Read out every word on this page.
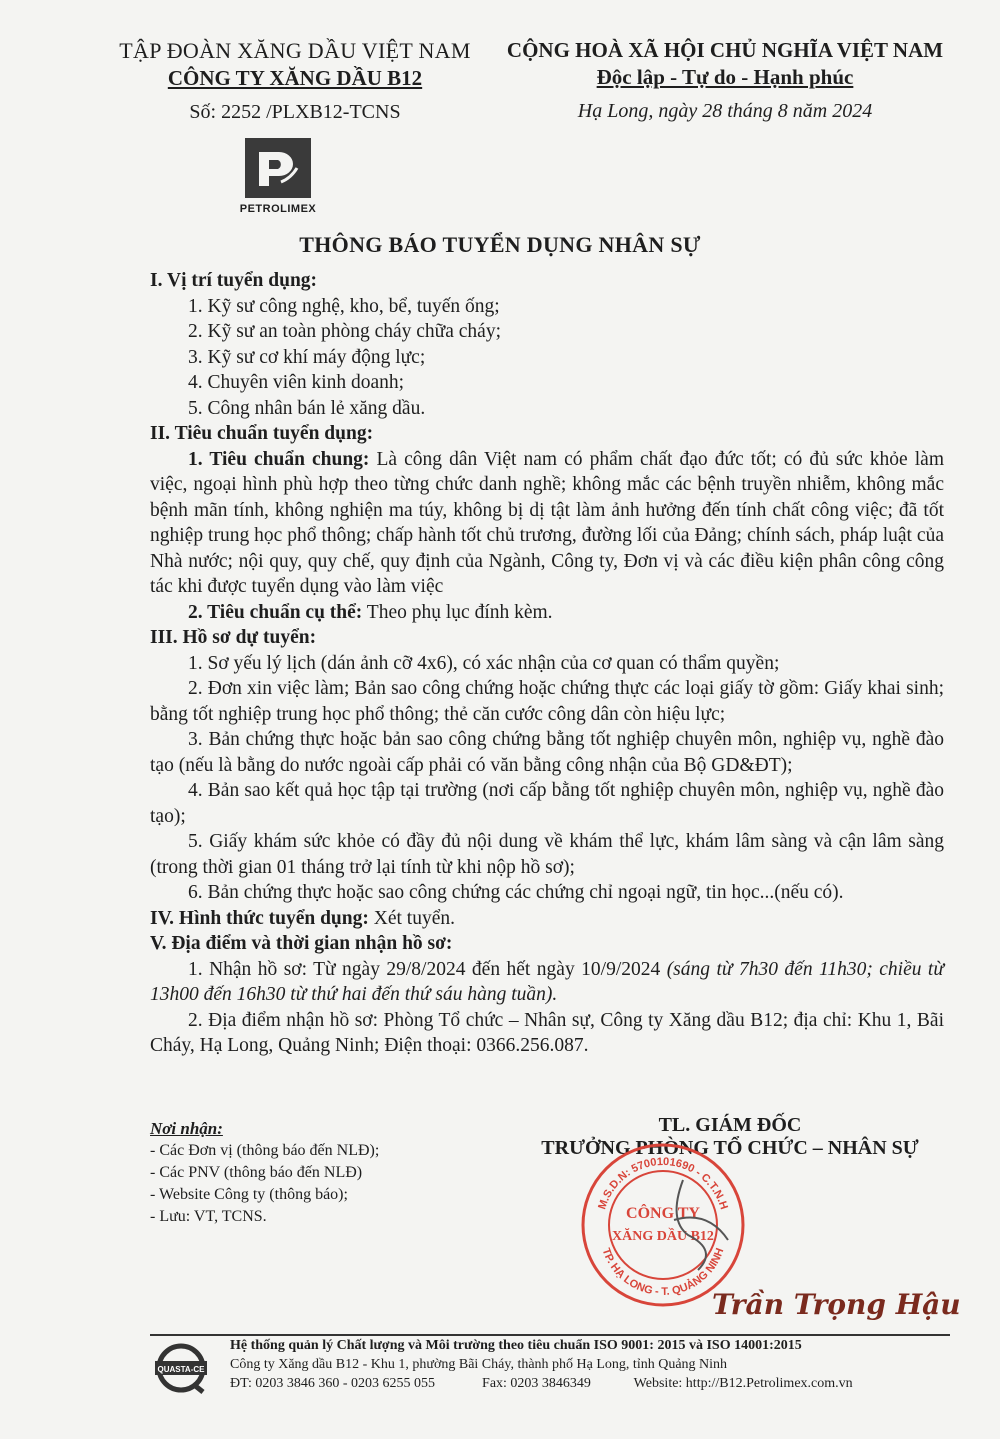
TẬP ĐOÀN XĂNG DẦU VIỆT NAM
CÔNG TY XĂNG DẦU B12
Số: 2252 /PLXB12-TCNS
CỘNG HOÀ XÃ HỘI CHỦ NGHĨA VIỆT NAM
Độc lập - Tự do - Hạnh phúc
Hạ Long, ngày 28 tháng 8 năm 2024
PETROLIMEX
THÔNG BÁO TUYỂN DỤNG NHÂN SỰ
I. Vị trí tuyển dụng:
1. Kỹ sư công nghệ, kho, bể, tuyến ống;
2. Kỹ sư an toàn phòng cháy chữa cháy;
3. Kỹ sư cơ khí máy động lực;
4. Chuyên viên kinh doanh;
5. Công nhân bán lẻ xăng dầu.
II. Tiêu chuẩn tuyển dụng:
1. Tiêu chuẩn chung: Là công dân Việt nam có phẩm chất đạo đức tốt; có đủ sức khỏe làm việc, ngoại hình phù hợp theo từng chức danh nghề; không mắc các bệnh truyền nhiễm, không mắc bệnh mãn tính, không nghiện ma túy, không bị dị tật làm ảnh hưởng đến tính chất công việc; đã tốt nghiệp trung học phổ thông; chấp hành tốt chủ trương, đường lối của Đảng; chính sách, pháp luật của Nhà nước; nội quy, quy chế, quy định của Ngành, Công ty, Đơn vị và các điều kiện phân công công tác khi được tuyển dụng vào làm việc
2. Tiêu chuẩn cụ thể: Theo phụ lục đính kèm.
III. Hồ sơ dự tuyển:
1. Sơ yếu lý lịch (dán ảnh cỡ 4x6), có xác nhận của cơ quan có thẩm quyền;
2. Đơn xin việc làm; Bản sao công chứng hoặc chứng thực các loại giấy tờ gồm: Giấy khai sinh; bằng tốt nghiệp trung học phổ thông; thẻ căn cước công dân còn hiệu lực;
3. Bản chứng thực hoặc bản sao công chứng bằng tốt nghiệp chuyên môn, nghiệp vụ, nghề đào tạo (nếu là bằng do nước ngoài cấp phải có văn bằng công nhận của Bộ GD&ĐT);
4. Bản sao kết quả học tập tại trường (nơi cấp bằng tốt nghiệp chuyên môn, nghiệp vụ, nghề đào tạo);
5. Giấy khám sức khỏe có đầy đủ nội dung về khám thể lực, khám lâm sàng và cận lâm sàng (trong thời gian 01 tháng trở lại tính từ khi nộp hồ sơ);
6. Bản chứng thực hoặc sao công chứng các chứng chỉ ngoại ngữ, tin học...(nếu có).
IV. Hình thức tuyển dụng: Xét tuyển.
V. Địa điểm và thời gian nhận hồ sơ:
1. Nhận hồ sơ: Từ ngày 29/8/2024 đến hết ngày 10/9/2024 (sáng từ 7h30 đến 11h30; chiều từ 13h00 đến 16h30 từ thứ hai đến thứ sáu hàng tuần).
2. Địa điểm nhận hồ sơ: Phòng Tổ chức – Nhân sự, Công ty Xăng dầu B12; địa chỉ: Khu 1, Bãi Cháy, Hạ Long, Quảng Ninh; Điện thoại: 0366.256.087.
Nơi nhận:
- Các Đơn vị (thông báo đến NLĐ);
- Các PNV (thông báo đến NLĐ)
- Website Công ty (thông báo);
- Lưu: VT, TCNS.
TL. GIÁM ĐỐC
TRƯỞNG PHÒNG TỔ CHỨC – NHÂN SỰ
M.S.D.N: 5700101690 - C.T.N.H
TP. HẠ LONG - T. QUẢNG NINH
CÔNG TY
XĂNG DẦU B12
Trần Trọng Hậu
QUASTA-CE
Hệ thống quản lý Chất lượng và Môi trường theo tiêu chuẩn ISO 9001: 2015 và ISO 14001:2015
Công ty Xăng dầu B12 - Khu 1, phường Bãi Cháy, thành phố Hạ Long, tỉnh Quảng Ninh
ĐT: 0203 3846 360 - 0203 6255 055	Fax: 0203 3846349	Website: http://B12.Petrolimex.com.vn
